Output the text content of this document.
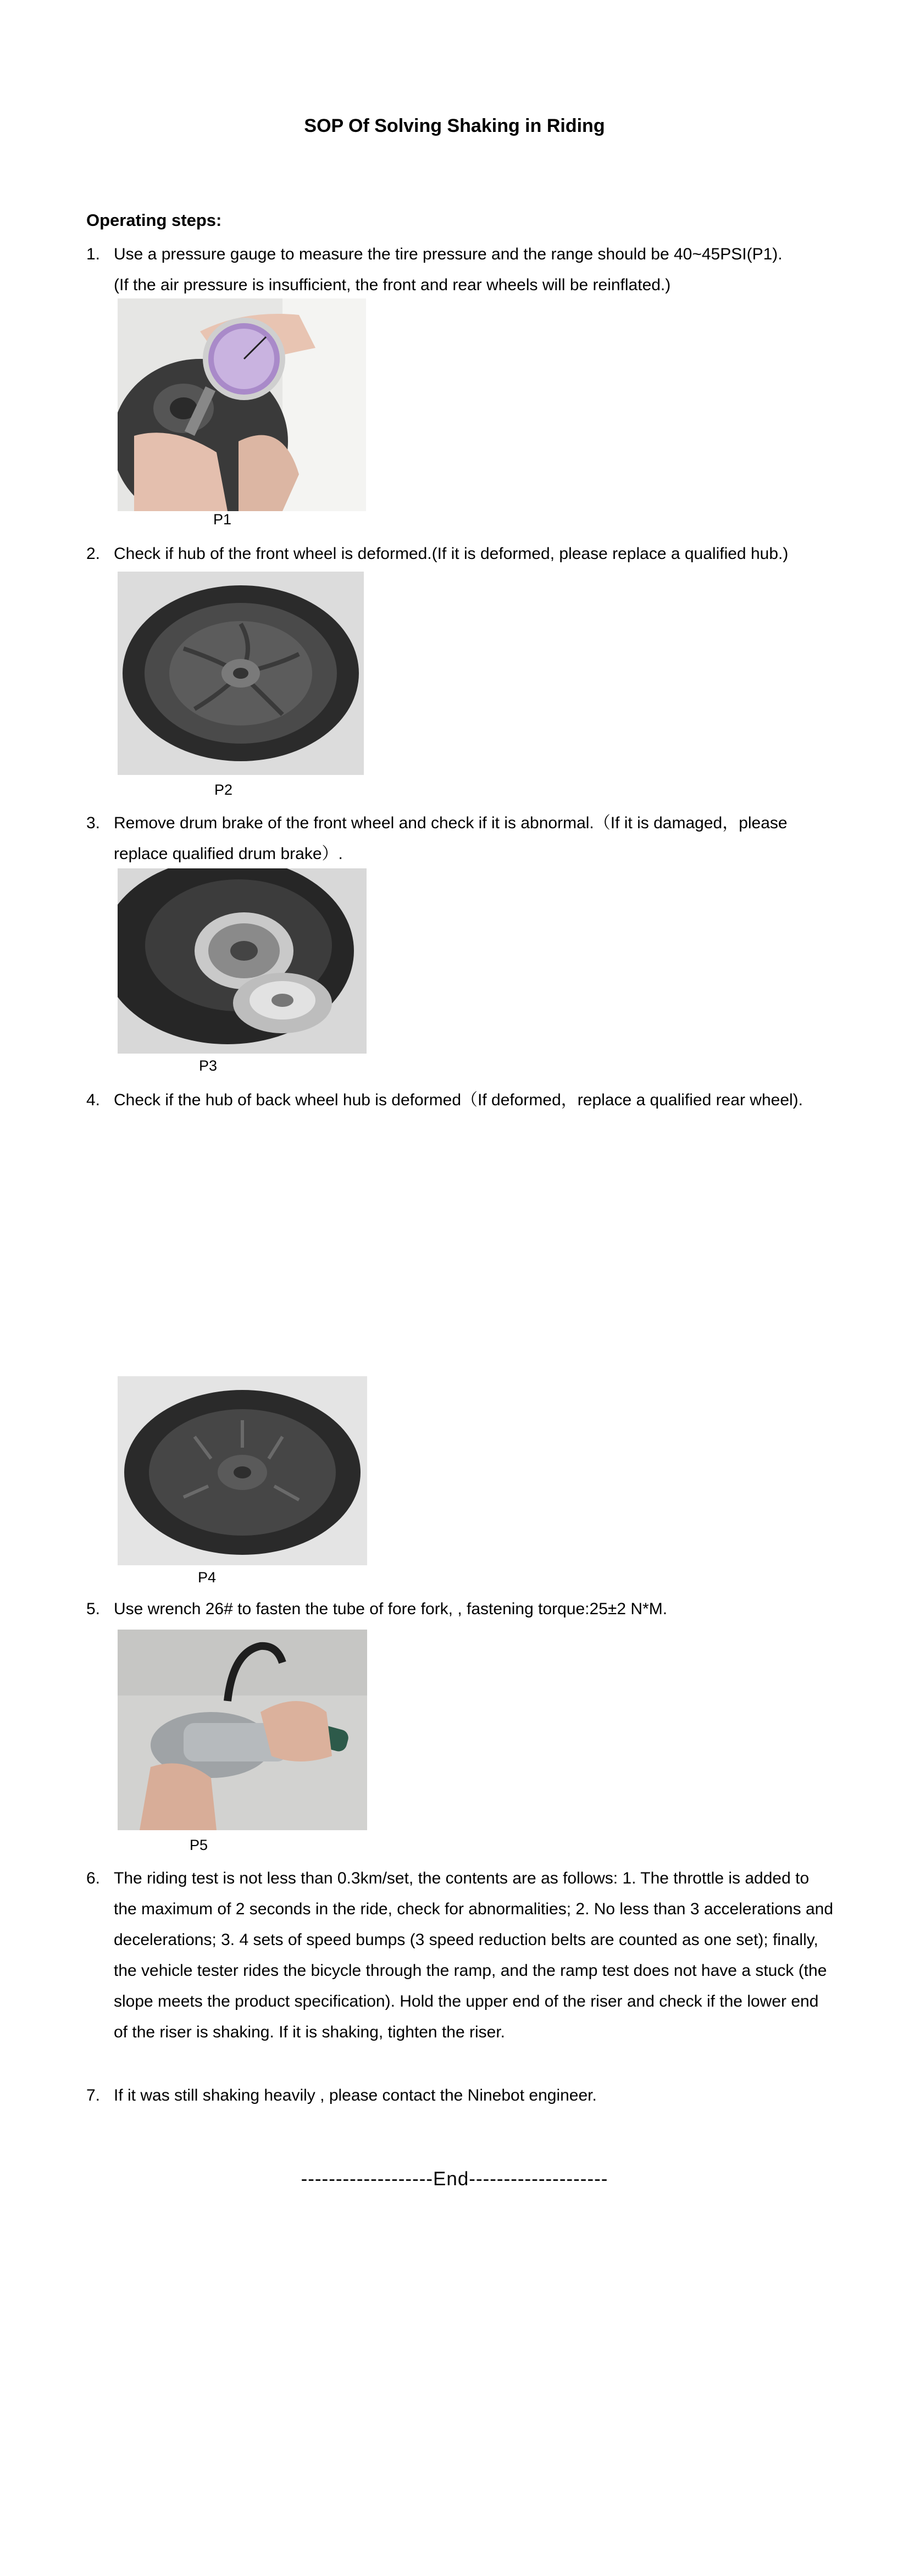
SOP Of Solving Shaking in Riding
Operating steps:
1. Use a pressure gauge to measure the tire pressure and the range should be 40~45PSI(P1).
(If the air pressure is insufficient, the front and rear wheels will be reinflated.)
P1
2. Check if hub of the front wheel is deformed.(If it is deformed, please replace a qualified hub.)
P2
3. Remove drum brake of the front wheel and check if it is abnormal.（If it is damaged，please replace qualified drum brake）.
P3
4. Check if the hub of back wheel hub is deformed（If deformed，replace a qualified rear wheel).
P4
5. Use wrench 26# to fasten the tube of fore fork, , fastening torque:25±2 N*M.
P5
6. The riding test is not less than 0.3km/set, the contents are as follows: 1. The throttle is added to the maximum of 2 seconds in the ride, check for abnormalities; 2. No less than 3 accelerations and decelerations; 3. 4 sets of speed bumps (3 speed reduction belts are counted as one set); finally, the vehicle tester rides the bicycle through the ramp, and the ramp test does not have a stuck (the slope meets the product specification). Hold the upper end of the riser and check if the lower end of the riser is shaking. If it is shaking, tighten the riser.
7. If it was still shaking heavily , please contact the Ninebot engineer.
-------------------End--------------------
